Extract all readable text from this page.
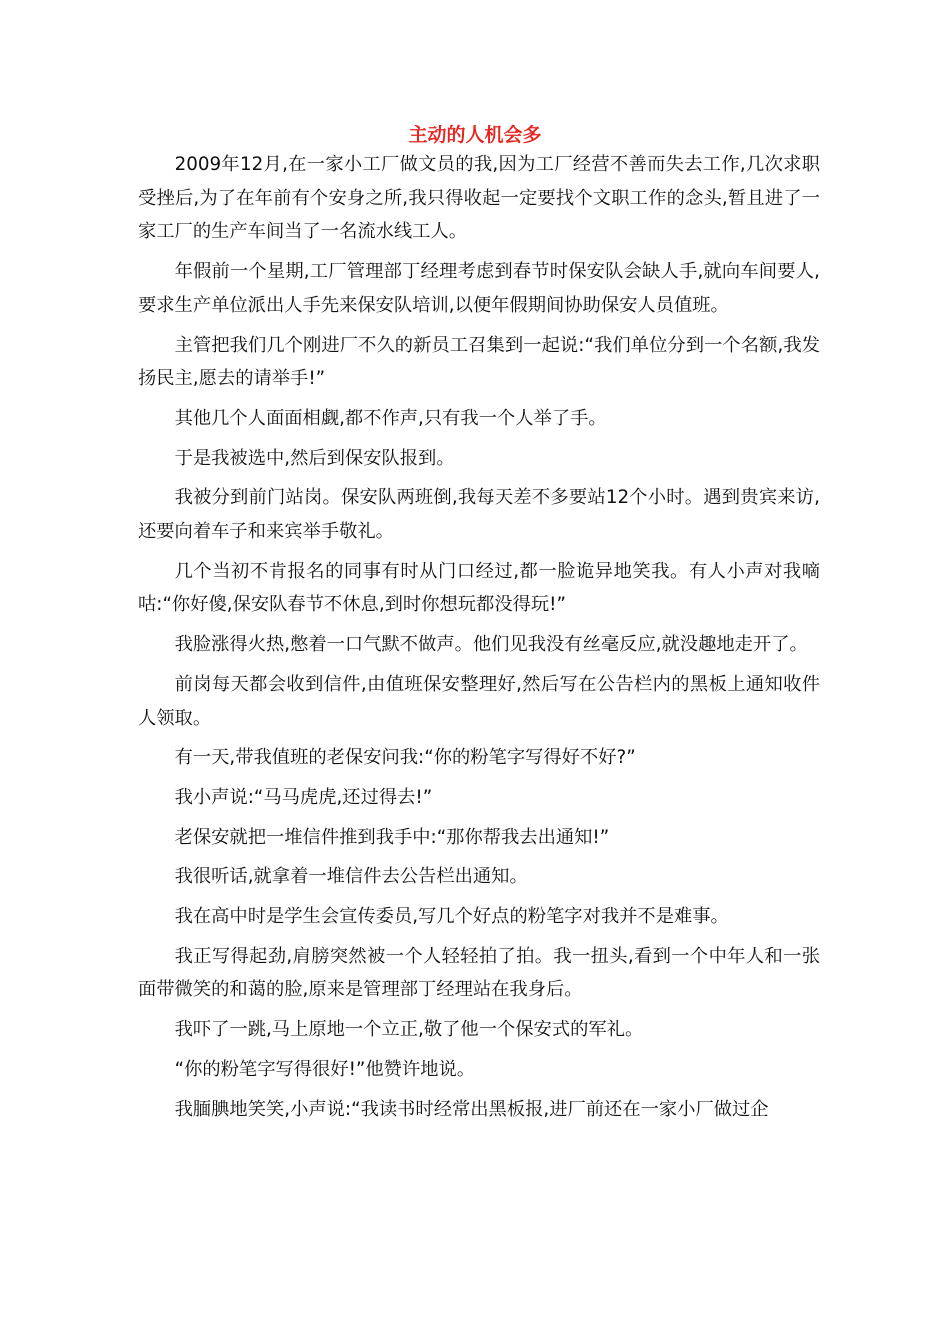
主动的人机会多

2009年12月,在一家小工厂做文员的我,因为工厂经营不善而失去工作,几次求职受挫后,为了在年前有个安身之所,我只得收起一定要找个文职工作的念头,暂且进了一家工厂的生产车间当了一名流水线工人。

年假前一个星期,工厂管理部丁经理考虑到春节时保安队会缺人手,就向车间要人,要求生产单位派出人手先来保安队培训,以便年假期间协助保安人员值班。

主管把我们几个刚进厂不久的新员工召集到一起说:“我们单位分到一个名额,我发扬民主,愿去的请举手!”

其他几个人面面相觑,都不作声,只有我一个人举了手。

于是我被选中,然后到保安队报到。

我被分到前门站岗。保安队两班倒,我每天差不多要站12个小时。遇到贵宾来访,还要向着车子和来宾举手敬礼。

几个当初不肯报名的同事有时从门口经过,都一脸诡异地笑我。有人小声对我嘀咕:“你好傻,保安队春节不休息,到时你想玩都没得玩!”

我脸涨得火热,憋着一口气默不做声。他们见我没有丝毫反应,就没趣地走开了。

前岗每天都会收到信件,由值班保安整理好,然后写在公告栏内的黑板上通知收件人领取。

有一天,带我值班的老保安问我:“你的粉笔字写得好不好?”

我小声说:“马马虎虎,还过得去!”

老保安就把一堆信件推到我手中:“那你帮我去出通知!”

我很听话,就拿着一堆信件去公告栏出通知。

我在高中时是学生会宣传委员,写几个好点的粉笔字对我并不是难事。

我正写得起劲,肩膀突然被一个人轻轻拍了拍。我一扭头,看到一个中年人和一张面带微笑的和蔼的脸,原来是管理部丁经理站在我身后。

我吓了一跳,马上原地一个立正,敬了他一个保安式的军礼。

“你的粉笔字写得很好!”他赞许地说。

我腼腆地笑笑,小声说:“我读书时经常出黑板报,进厂前还在一家小厂做过企
